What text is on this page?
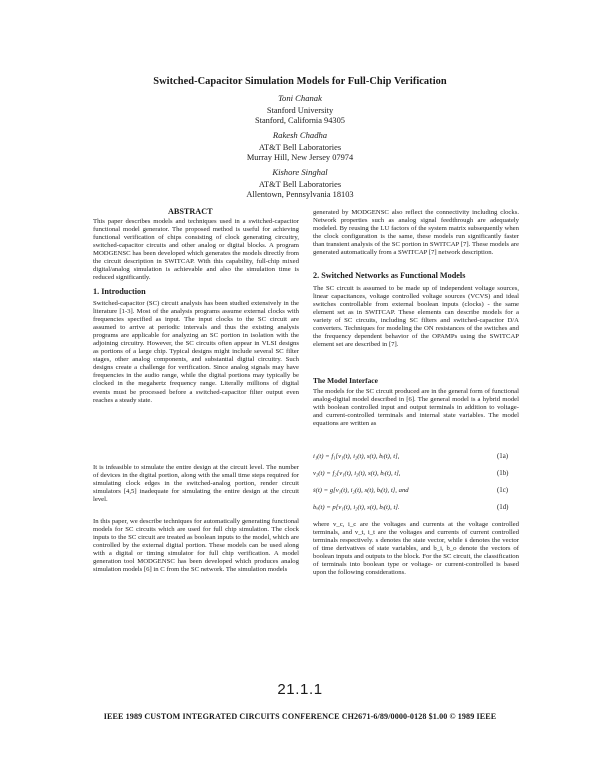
Switched-Capacitor Simulation Models for Full-Chip Verification
Toni Chanak
Stanford University
Stanford, California 94305
Rakesh Chadha
AT&T Bell Laboratories
Murray Hill, New Jersey 07974
Kishore Singhal
AT&T Bell Laboratories
Allentown, Pennsylvania 18103
ABSTRACT
This paper describes models and techniques used in a switched-capacitor functional model generator. The proposed method is useful for achieving functional verification of chips consisting of clock generating circuitry, switched-capacitor circuits and other analog or digital blocks. A program MODGENSC has been developed which generates the models directly from the circuit description in SWITCAP. With this capability, full-chip mixed digital/analog simulation is achievable and also the simulation time is reduced significantly.
1. Introduction
Switched-capacitor (SC) circuit analysis has been studied extensively in the literature [1-3]. Most of the analysis programs assume external clocks with frequencies specified as input. The input clocks to the SC circuit are assumed to arrive at periodic intervals and thus the existing analysis programs are applicable for analyzing an SC portion in isolation with the adjoining circuitry. However, the SC circuits often appear in VLSI designs as portions of a large chip. Typical designs might include several SC filter stages, other analog components, and substantial digital circuitry. Such designs create a challenge for verification. Since analog signals may have frequencies in the audio range, while the digital portions may typically be clocked in the megahertz frequency range. Literally millions of digital events must be processed before a switched-capacitor filter output even reaches a steady state.
It is infeasible to simulate the entire design at the circuit level. The number of devices in the digital portion, along with the small time steps required for simulating clock edges in the switched-analog portion, render circuit simulators [4,5] inadequate for simulating the entire design at the circuit level.
In this paper, we describe techniques for automatically generating functional models for SC circuits which are used for full chip simulation. The clock inputs to the SC circuit are treated as boolean inputs to the model, which are controlled by the external digital portion. These models can be used along with a digital or timing simulator for full chip verification. A model generation tool MODGENSC has been developed which produces analog simulation models [6] in C from the SC network. The simulation models
generated by MODGENSC also reflect the connectivity including clocks. Network properties such as analog signal feedthrough are adequately modeled. By reusing the LU factors of the system matrix subsequently when the clock configuration is the same, these models run significantly faster than transient analysis of the SC portion in SWITCAP [7]. These models are generated automatically from a SWITCAP [7] network description.
2. Switched Networks as Functional Models
The SC circuit is assumed to be made up of independent voltage sources, linear capacitances, voltage controlled voltage sources (VCVS) and ideal switches controllable from external boolean inputs (clocks) - the same element set as in SWITCAP. These elements can describe models for a variety of SC circuits, including SC filters and switched-capacitor D/A converters. Techniques for modeling the ON resistances of the switches and the frequency dependent behavior of the OPAMPs using the SWITCAP element set are described in [7].
The Model Interface
The models for the SC circuit produced are in the general form of functional analog-digital model described in [6]. The general model is a hybrid model with boolean controlled input and output terminals in addition to voltage- and current-controlled terminals and internal state variables. The model equations are written as
i₁(t) = f₁[v₁(t), i₂(t), s(t), bᵢ(t), t],	(1a)
v₂(t) = f₂[v₁(t), i₂(t), s(t), bᵢ(t), t],	(1b)
ṡ(t) = g[v₁(t), i₂(t), s(t), bᵢ(t), t], and	(1c)
bₒ(t) = p[v₁(t), i₂(t), s(t), bᵢ(t), t].	(1d)
where v_c, i_c are the voltages and currents at the voltage controlled terminals, and v_t, i_t are the voltages and currents of current controlled terminals respectively. s denotes the state vector, while ṡ denotes the vector of time derivatives of state variables, and b_i, b_o denote the vectors of boolean inputs and outputs to the block. For the SC circuit, the classification of terminals into boolean type or voltage- or current-controlled is based upon the following considerations.
21.1.1
IEEE 1989 CUSTOM INTEGRATED CIRCUITS CONFERENCE CH2671-6/89/0000-0128 $1.00 © 1989 IEEE
